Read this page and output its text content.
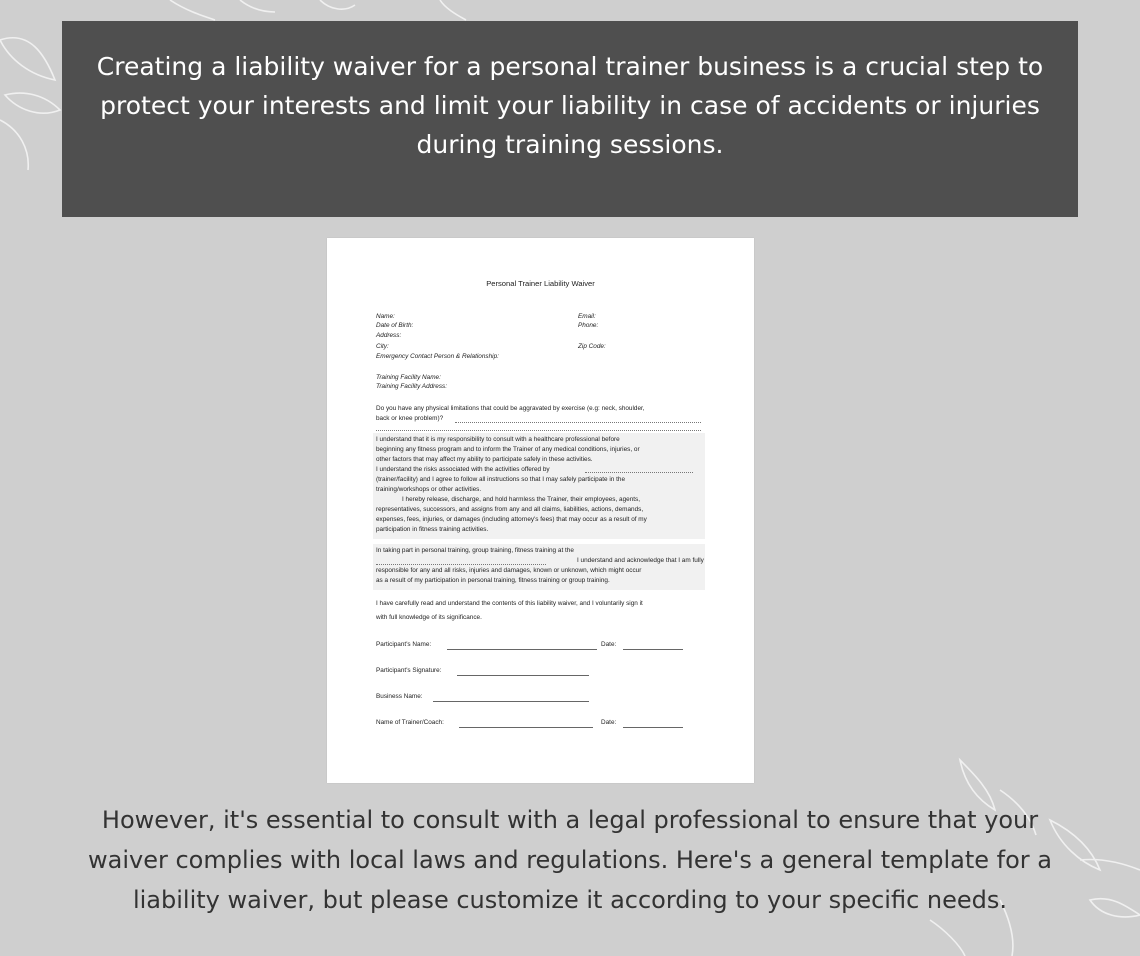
Creating a liability waiver for a personal trainer business is a crucial step to protect your interests and limit your liability in case of accidents or injuries during training sessions.
Personal Trainer Liability Waiver
Name:	Email:
Date of Birth:	Phone:
Address:
City:	Zip Code:
Emergency Contact Person & Relationship:
Training Facility Name:
Training Facility Address:
Do you have any physical limitations that could be aggravated by exercise (e.g: neck, shoulder,
back or knee problem)?
I understand that it is my responsibility to consult with a healthcare professional before
beginning any fitness program and to inform the Trainer of any medical conditions, injuries, or
other factors that may affect my ability to participate safely in these activities.
I understand the risks associated with the activities offered by
(trainer/facility) and I agree to follow all instructions so that I may safely participate in the
training/workshops or other activities.
I hereby release, discharge, and hold harmless the Trainer, their employees, agents,
representatives, successors, and assigns from any and all claims, liabilities, actions, demands,
expenses, fees, injuries, or damages (including attorney's fees) that may occur as a result of my
participation in fitness training activities.
In taking part in personal training, group training, fitness training at the
I understand and acknowledge that I am fully
responsible for any and all risks, injuries and damages, known or unknown, which might occur
as a result of my participation in personal training, fitness training or group training.
I have carefully read and understand the contents of this liability waiver, and I voluntarily sign it
with full knowledge of its significance.
Participant's Name:	Date:
Participant's Signature:
Business Name:
Name of Trainer/Coach:	Date:
However, it's essential to consult with a legal professional to ensure that your
waiver complies with local laws and regulations. Here's a general template for a
liability waiver, but please customize it according to your specific needs.
